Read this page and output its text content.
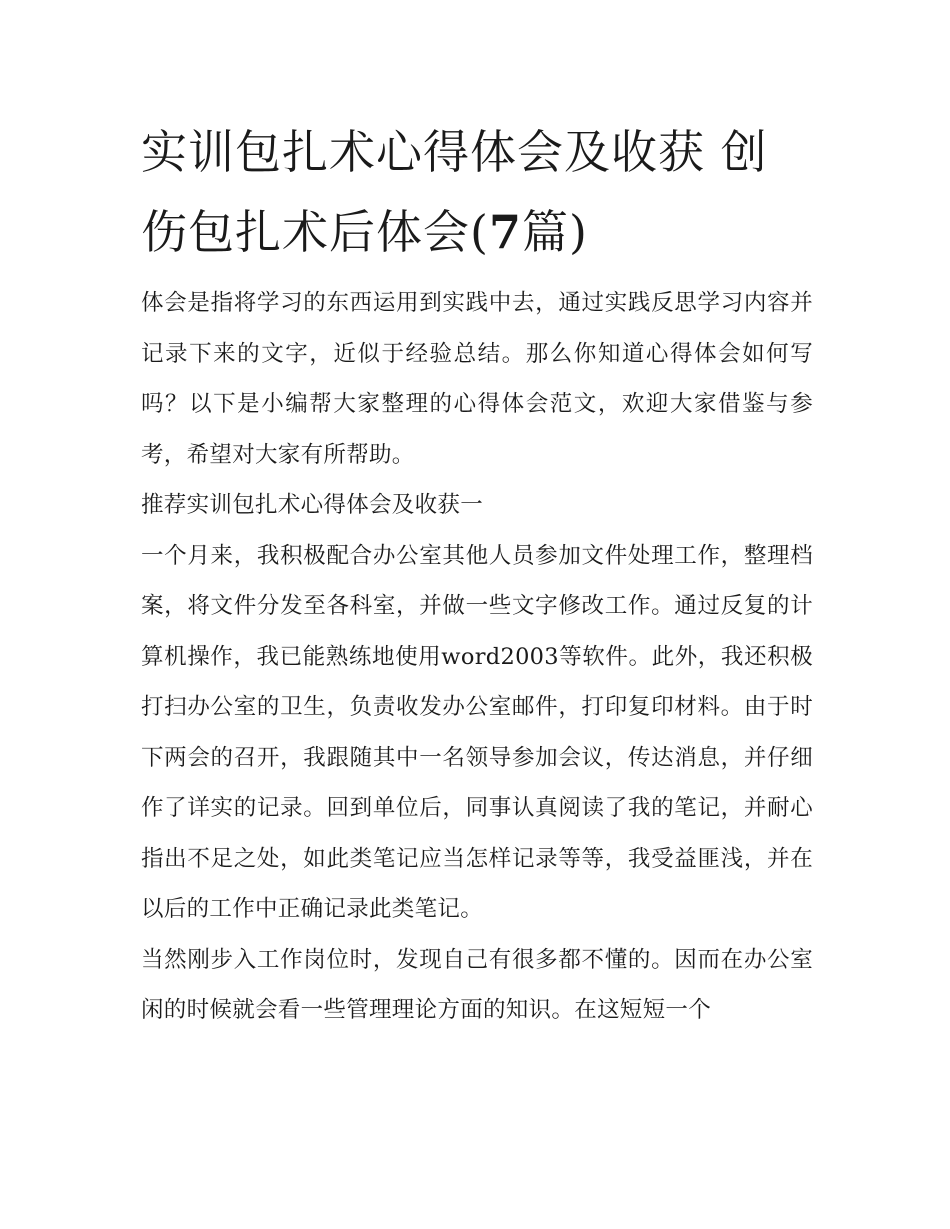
实训包扎术心得体会及收获 创伤包扎术后体会(7篇)

体会是指将学习的东西运用到实践中去，通过实践反思学习内容并记录下来的文字，近似于经验总结。那么你知道心得体会如何写吗？以下是小编帮大家整理的心得体会范文，欢迎大家借鉴与参考，希望对大家有所帮助。

推荐实训包扎术心得体会及收获一

一个月来，我积极配合办公室其他人员参加文件处理工作，整理档案，将文件分发至各科室，并做一些文字修改工作。通过反复的计算机操作，我已能熟练地使用word2003等软件。此外，我还积极打扫办公室的卫生，负责收发办公室邮件，打印复印材料。由于时下两会的召开，我跟随其中一名领导参加会议，传达消息，并仔细作了详实的记录。回到单位后，同事认真阅读了我的笔记，并耐心指出不足之处，如此类笔记应当怎样记录等等，我受益匪浅，并在以后的工作中正确记录此类笔记。

当然刚步入工作岗位时，发现自己有很多都不懂的。因而在办公室闲的时候就会看一些管理理论方面的知识。在这短短一个
